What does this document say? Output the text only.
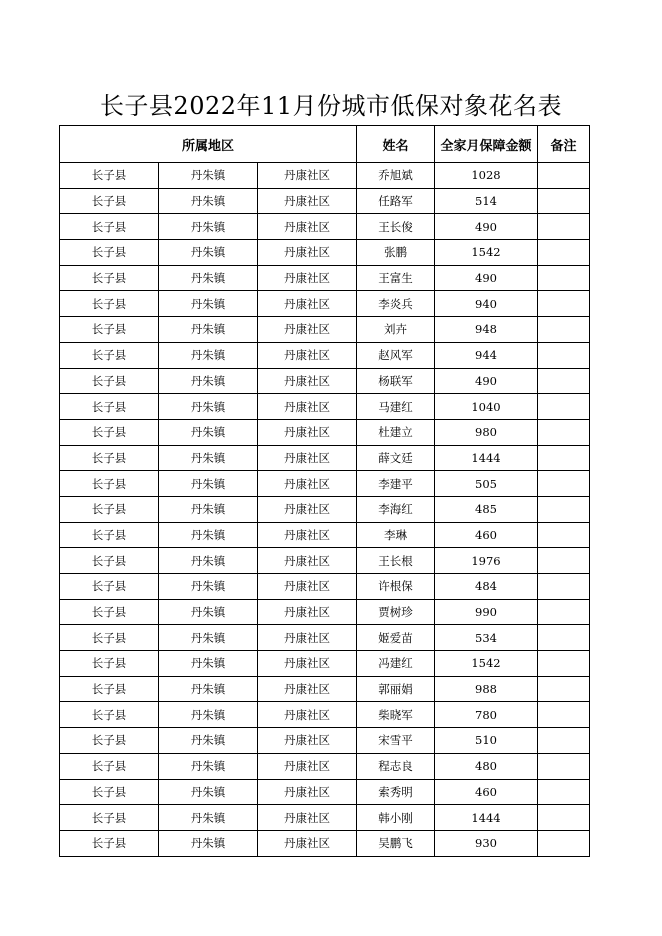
长子县2022年11月份城市低保对象花名表
所属地区			姓名	全家月保障金额	备注
长子县	丹朱镇	丹康社区	乔旭斌	1028	
长子县	丹朱镇	丹康社区	任路军	514	
长子县	丹朱镇	丹康社区	王长俊	490	
长子县	丹朱镇	丹康社区	张鹏	1542	
长子县	丹朱镇	丹康社区	王富生	490	
长子县	丹朱镇	丹康社区	李炎兵	940	
长子县	丹朱镇	丹康社区	刘卉	948	
长子县	丹朱镇	丹康社区	赵风军	944	
长子县	丹朱镇	丹康社区	杨联军	490	
长子县	丹朱镇	丹康社区	马建红	1040	
长子县	丹朱镇	丹康社区	杜建立	980	
长子县	丹朱镇	丹康社区	薛文廷	1444	
长子县	丹朱镇	丹康社区	李建平	505	
长子县	丹朱镇	丹康社区	李海红	485	
长子县	丹朱镇	丹康社区	李琳	460	
长子县	丹朱镇	丹康社区	王长根	1976	
长子县	丹朱镇	丹康社区	许根保	484	
长子县	丹朱镇	丹康社区	贾树珍	990	
长子县	丹朱镇	丹康社区	姬爱苗	534	
长子县	丹朱镇	丹康社区	冯建红	1542	
长子县	丹朱镇	丹康社区	郭丽娟	988	
长子县	丹朱镇	丹康社区	柴晓军	780	
长子县	丹朱镇	丹康社区	宋雪平	510	
长子县	丹朱镇	丹康社区	程志良	480	
长子县	丹朱镇	丹康社区	索秀明	460	
长子县	丹朱镇	丹康社区	韩小刚	1444	
长子县	丹朱镇	丹康社区	吴鹏飞	930	
